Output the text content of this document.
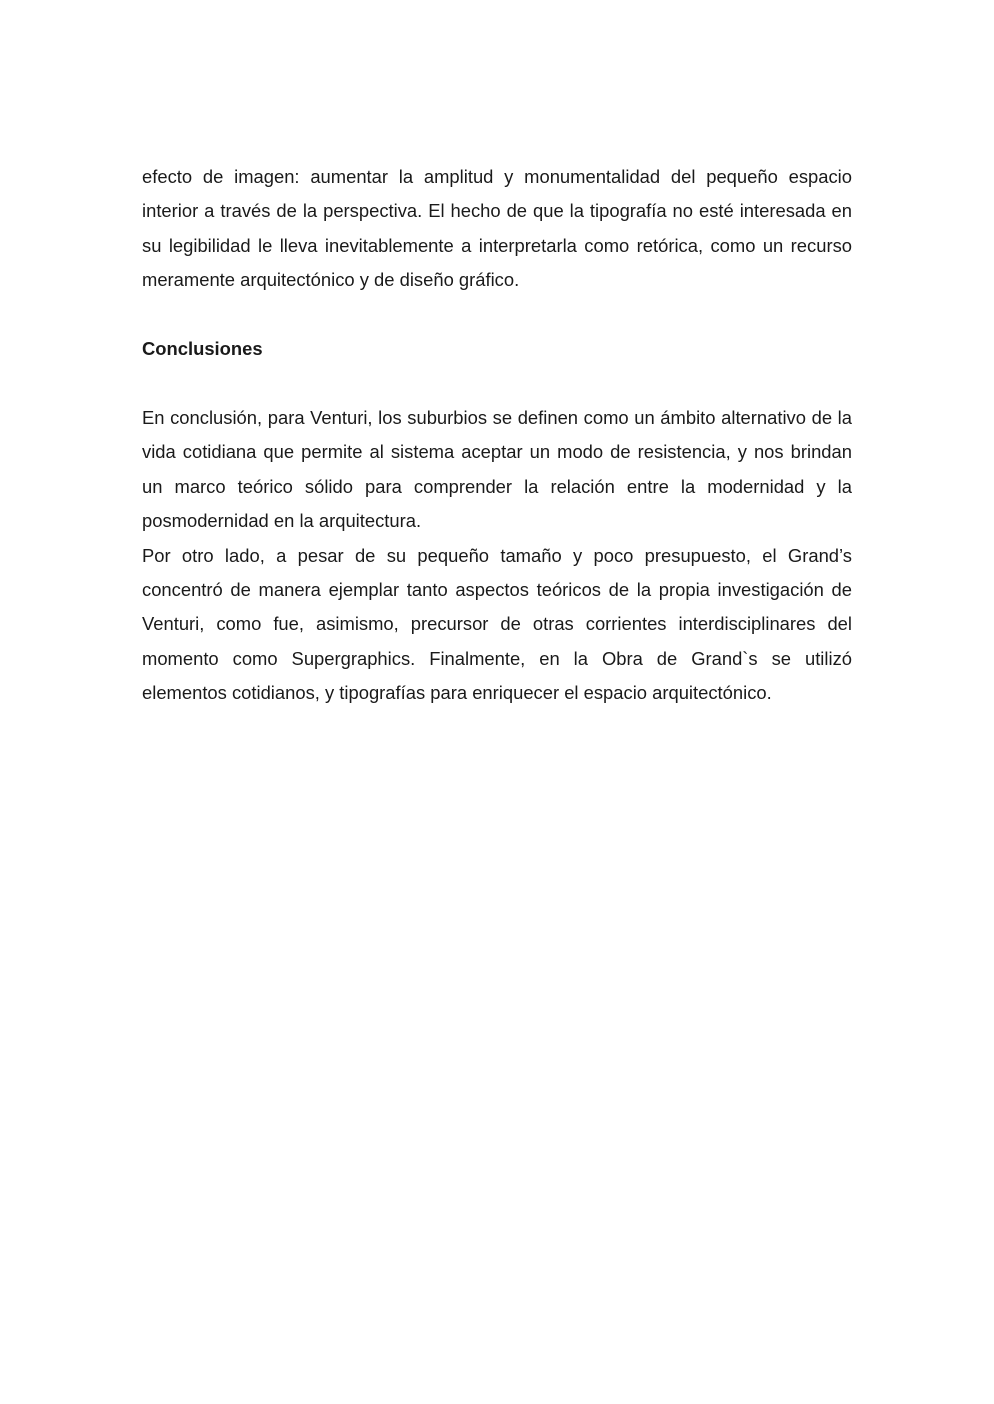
efecto de imagen: aumentar la amplitud y monumentalidad del pequeño espacio interior a través de la perspectiva. El hecho de que la tipografía no esté interesada en su legibilidad le lleva inevitablemente a interpretarla como retórica, como un recurso meramente arquitectónico y de diseño gráfico.

Conclusiones

En conclusión, para Venturi, los suburbios se definen como un ámbito alternativo de la vida cotidiana que permite al sistema aceptar un modo de resistencia, y nos brindan un marco teórico sólido para comprender la relación entre la modernidad y la posmodernidad en la arquitectura.

Por otro lado, a pesar de su pequeño tamaño y poco presupuesto, el Grand’s concentró de manera ejemplar tanto aspectos teóricos de la propia investigación de Venturi, como fue, asimismo, precursor de otras corrientes interdisciplinares del momento como Supergraphics. Finalmente, en la Obra de Grand`s se utilizó elementos cotidianos, y tipografías para enriquecer el espacio arquitectónico.
